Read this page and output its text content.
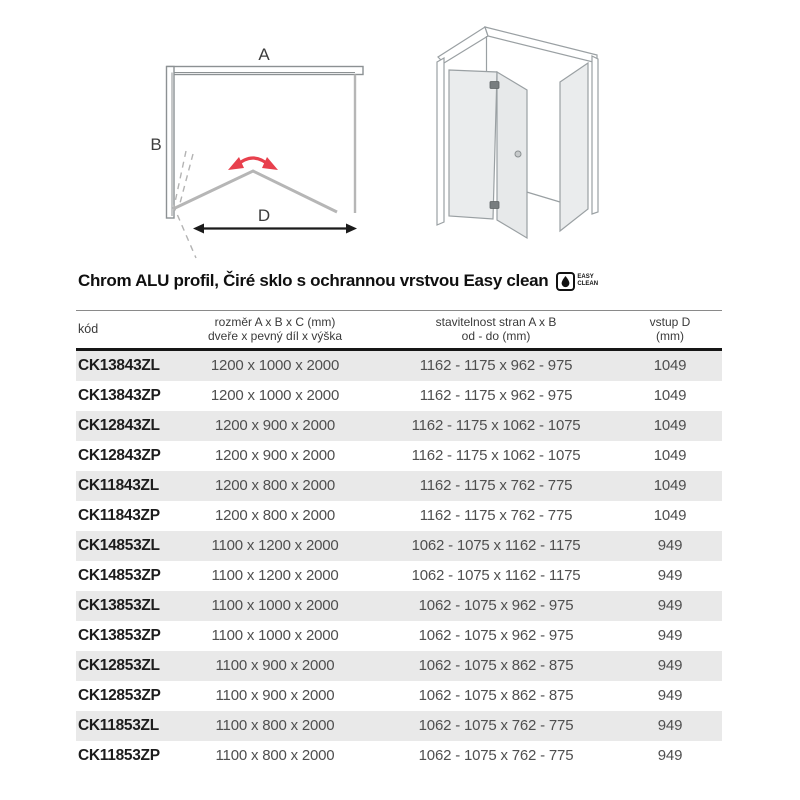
A
B
D
Chrom ALU profil, Čiré sklo s ochrannou vrstvou Easy clean	EASY
CLEAN
kód	rozměr A x B x C (mm)
dveře x pevný díl x výška
stavitelnost stran A x B
od - do (mm)
vstup D
(mm)
CK13843ZL	1200 x 1000 x 2000	1162 - 1175 x 962 - 975	1049
CK13843ZP	1200 x 1000 x 2000	1162 - 1175 x 962 - 975	1049
CK12843ZL	1200 x 900 x 2000	1162 - 1175 x 1062 - 1075	1049
CK12843ZP	1200 x 900 x 2000	1162 - 1175 x 1062 - 1075	1049
CK11843ZL	1200 x 800 x 2000	1162 - 1175 x 762 - 775	1049
CK11843ZP	1200 x 800 x 2000	1162 - 1175 x 762 - 775	1049
CK14853ZL	1100 x 1200 x 2000	1062 - 1075 x 1162 - 1175	949
CK14853ZP	1100 x 1200 x 2000	1062 - 1075 x 1162 - 1175	949
CK13853ZL	1100 x 1000 x 2000	1062 - 1075 x 962 - 975	949
CK13853ZP	1100 x 1000 x 2000	1062 - 1075 x 962 - 975	949
CK12853ZL	1100 x 900 x 2000	1062 - 1075 x 862 - 875	949
CK12853ZP	1100 x 900 x 2000	1062 - 1075 x 862 - 875	949
CK11853ZL	1100 x 800 x 2000	1062 - 1075 x 762 - 775	949
CK11853ZP	1100 x 800 x 2000	1062 - 1075 x 762 - 775	949
